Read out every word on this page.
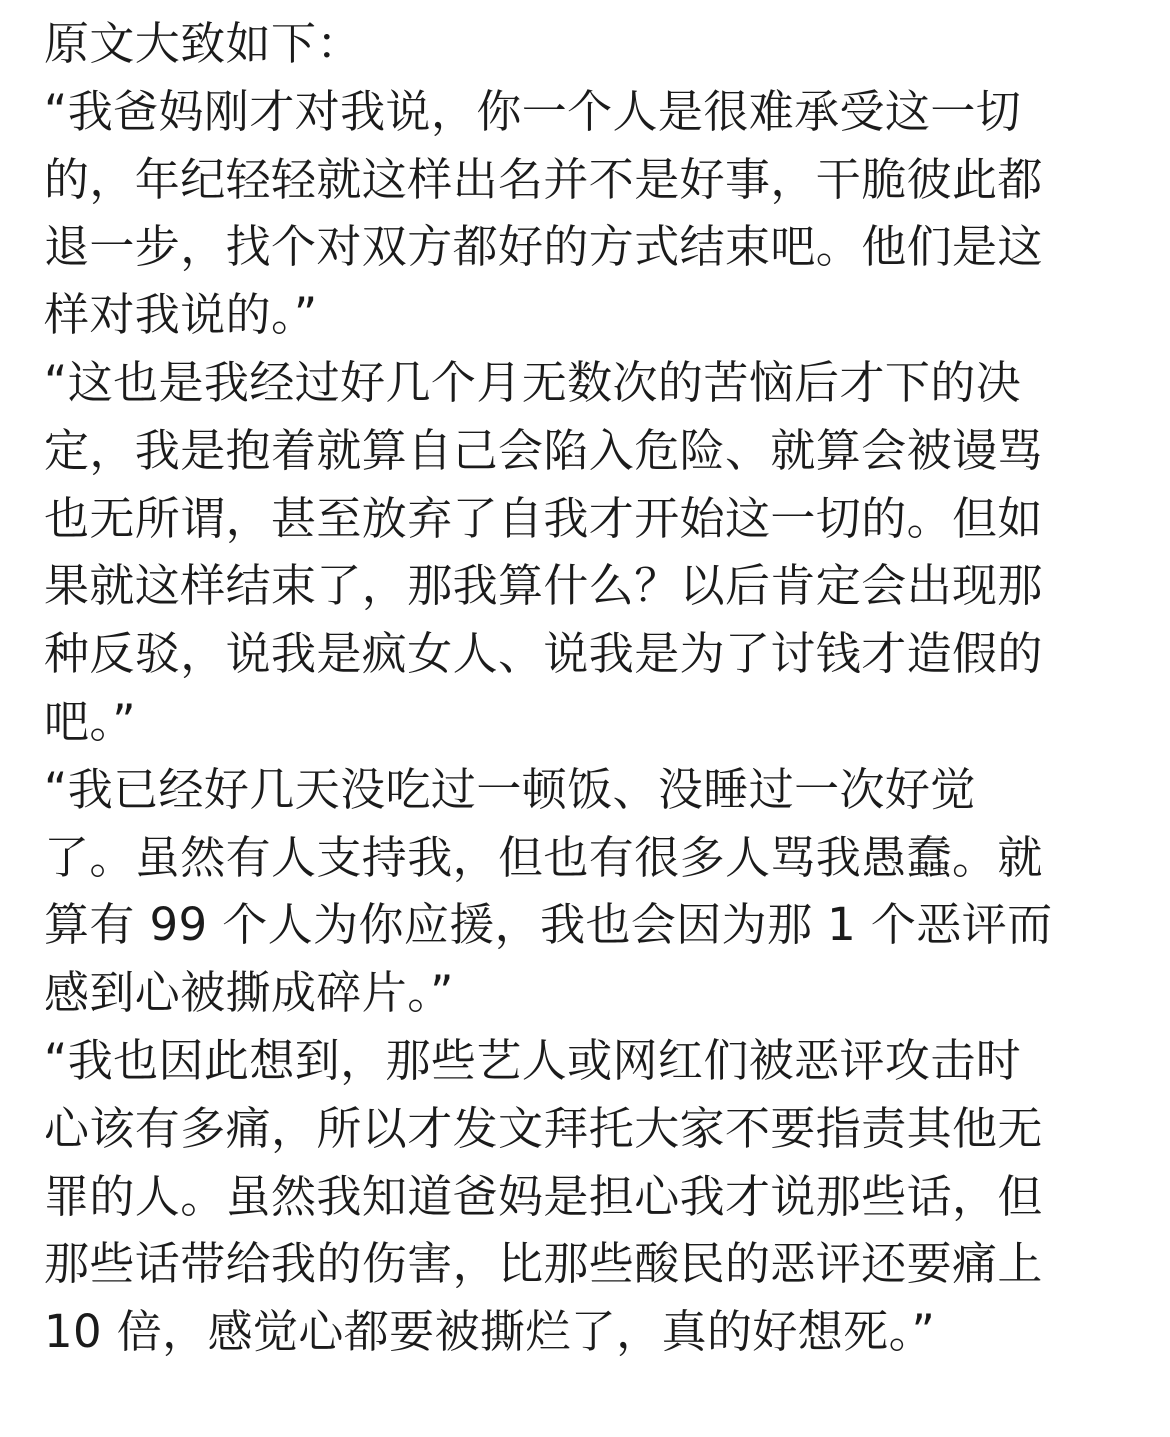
原文大致如下：
“我爸妈刚才对我说，你一个人是很难承受这一切
的，年纪轻轻就这样出名并不是好事，干脆彼此都
退一步，找个对双方都好的方式结束吧。他们是这
样对我说的。”
“这也是我经过好几个月无数次的苦恼后才下的决
定，我是抱着就算自己会陷入危险、就算会被谩骂
也无所谓，甚至放弃了自我才开始这一切的。但如
果就这样结束了，那我算什么？以后肯定会出现那
种反驳，说我是疯女人、说我是为了讨钱才造假的
吧。”
“我已经好几天没吃过一顿饭、没睡过一次好觉
了。虽然有人支持我，但也有很多人骂我愚蠢。就
算有 99 个人为你应援，我也会因为那 1 个恶评而
感到心被撕成碎片。”
“我也因此想到，那些艺人或网红们被恶评攻击时
心该有多痛，所以才发文拜托大家不要指责其他无
罪的人。虽然我知道爸妈是担心我才说那些话，但
那些话带给我的伤害，比那些酸民的恶评还要痛上
10 倍，感觉心都要被撕烂了，真的好想死。”
